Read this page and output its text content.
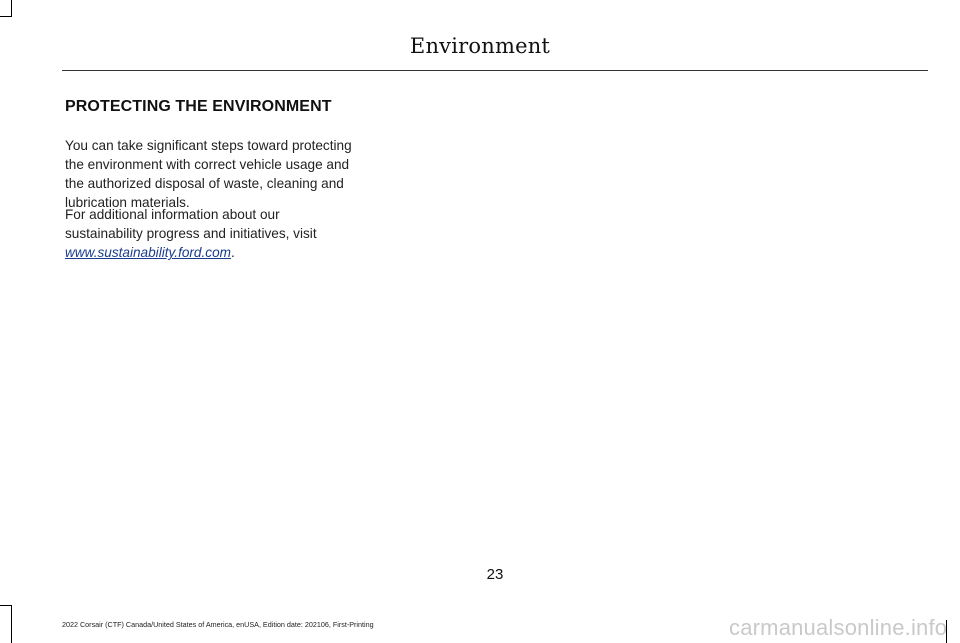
Environment
PROTECTING THE ENVIRONMENT

You can take significant steps toward protecting the environment with correct vehicle usage and the authorized disposal of waste, cleaning and lubrication materials.

For additional information about our sustainability progress and initiatives, visit www.sustainability.ford.com.

23
2022 Corsair (CTF) Canada/United States of America, enUSA, Edition date: 202106, First-Printing	carmanualsonline.info
